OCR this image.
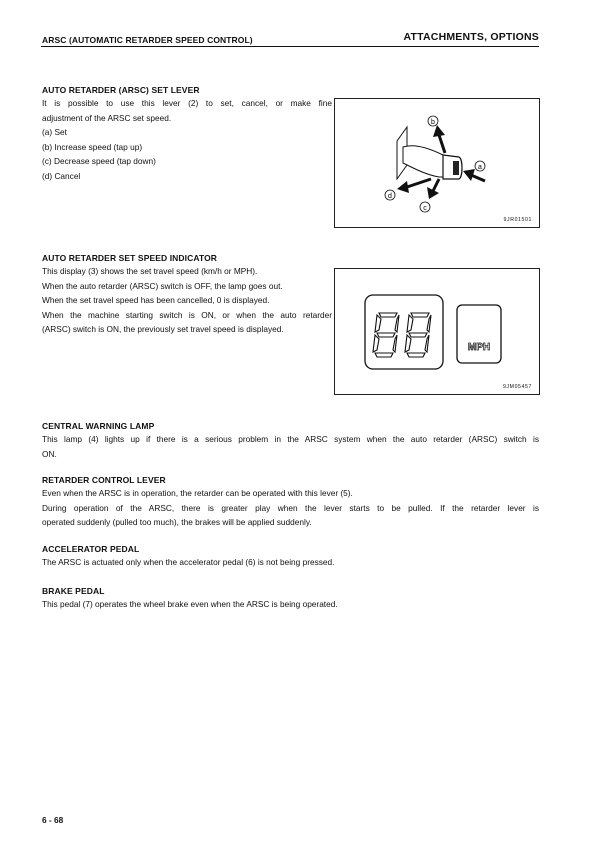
ARSC (AUTOMATIC RETARDER SPEED CONTROL)	ATTACHMENTS, OPTIONS
AUTO RETARDER (ARSC) SET LEVER

It is possible to use this lever (2) to set, cancel, or make fine

adjustment of the ARSC set speed.

(a) Set

(b) Increase speed (tap up)

(c) Decrease speed (tap down)

(d) Cancel

b
a
c
d
9JR01501
AUTO RETARDER SET SPEED INDICATOR

This display (3) shows the set travel speed (km/h or MPH).

When the auto retarder (ARSC) switch is OFF, the lamp goes out.

When the set travel speed has been cancelled, 0 is displayed.

When the machine starting switch is ON, or when the auto retarder

(ARSC) switch is ON, the previously set travel speed is displayed.

MPH
9JM05457
CENTRAL WARNING LAMP

This lamp (4) lights up if there is a serious problem in the ARSC system when the auto retarder (ARSC) switch is

ON.

RETARDER CONTROL LEVER

Even when the ARSC is in operation, the retarder can be operated with this lever (5).

During operation of the ARSC, there is greater play when the lever starts to be pulled. If the retarder lever is

operated suddenly (pulled too much), the brakes will be applied suddenly.

ACCELERATOR PEDAL

The ARSC is actuated only when the accelerator pedal (6) is not being pressed.

BRAKE PEDAL

This pedal (7) operates the wheel brake even when the ARSC is being operated.

6 - 68
